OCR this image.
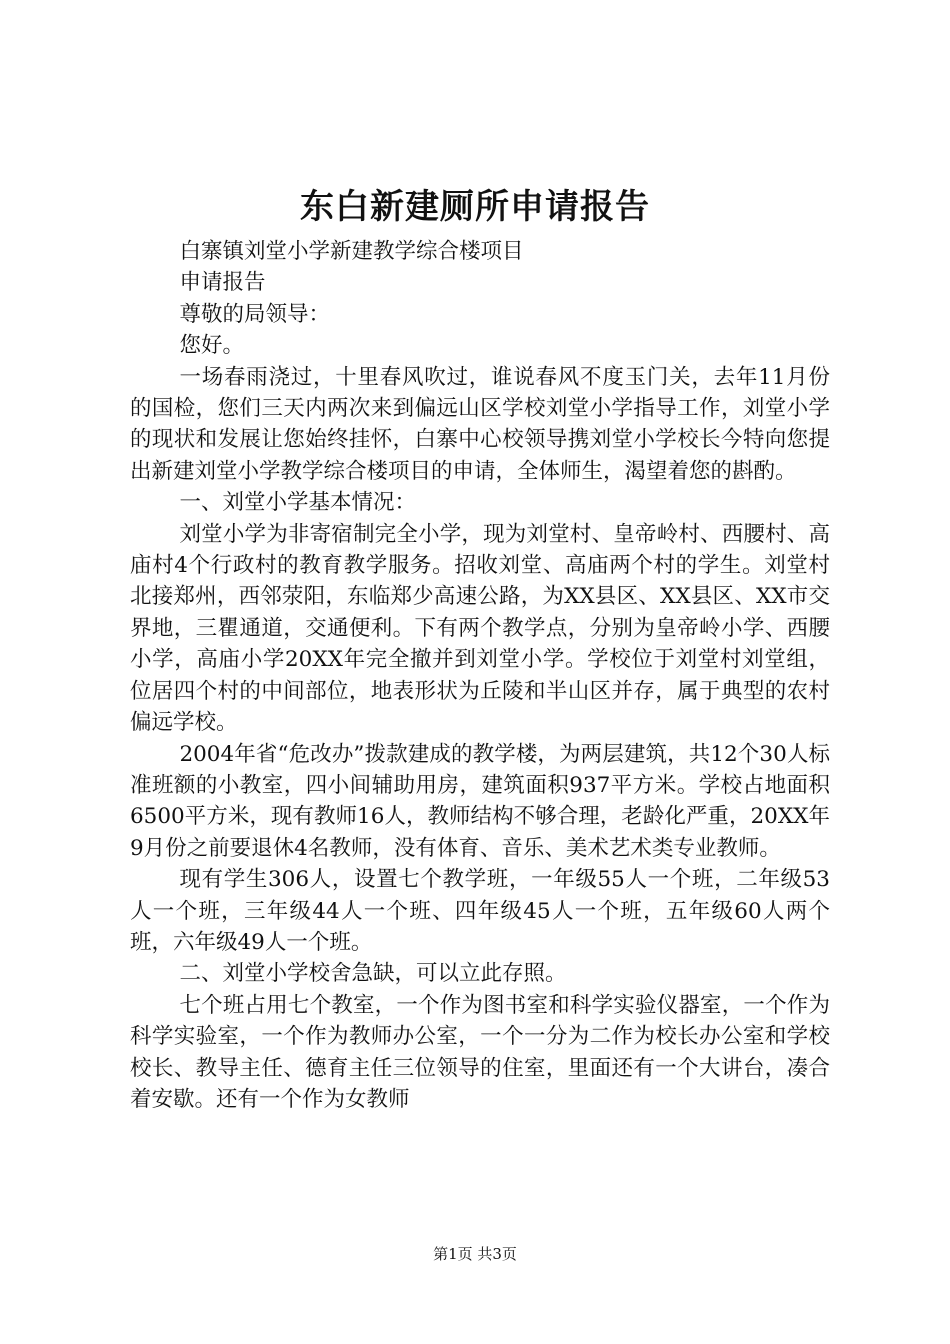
东白新建厕所申请报告

白寨镇刘堂小学新建教学综合楼项目

申请报告

尊敬的局领导：

您好。

一场春雨浇过，十里春风吹过，谁说春风不度玉门关，去年11月份的国检，您们三天内两次来到偏远山区学校刘堂小学指导工作，刘堂小学的现状和发展让您始终挂怀，白寨中心校领导携刘堂小学校长今特向您提出新建刘堂小学教学综合楼项目的申请，全体师生，渴望着您的斟酌。

一、刘堂小学基本情况：

刘堂小学为非寄宿制完全小学，现为刘堂村、皇帝岭村、西腰村、高庙村4个行政村的教育教学服务。招收刘堂、高庙两个村的学生。刘堂村北接郑州，西邻荥阳，东临郑少高速公路，为XX县区、XX县区、XX市交界地，三瞿通道，交通便利。下有两个教学点，分别为皇帝岭小学、西腰小学，高庙小学20XX年完全撤并到刘堂小学。学校位于刘堂村刘堂组，位居四个村的中间部位，地表形状为丘陵和半山区并存，属于典型的农村偏远学校。

2004年省“危改办”拨款建成的教学楼，为两层建筑，共12个30人标准班额的小教室，四小间辅助用房，建筑面积937平方米。学校占地面积6500平方米，现有教师16人，教师结构不够合理，老龄化严重，20XX年9月份之前要退休4名教师，没有体育、音乐、美术艺术类专业教师。

现有学生306人，设置七个教学班，一年级55人一个班，二年级53人一个班，三年级44人一个班、四年级45人一个班，五年级60人两个班，六年级49人一个班。

二、刘堂小学校舍急缺，可以立此存照。

七个班占用七个教室，一个作为图书室和科学实验仪器室，一个作为科学实验室，一个作为教师办公室，一个一分为二作为校长办公室和学校校长、教导主任、德育主任三位领导的住室，里面还有一个大讲台，凑合着安歇。还有一个作为女教师

第1页 共3页
